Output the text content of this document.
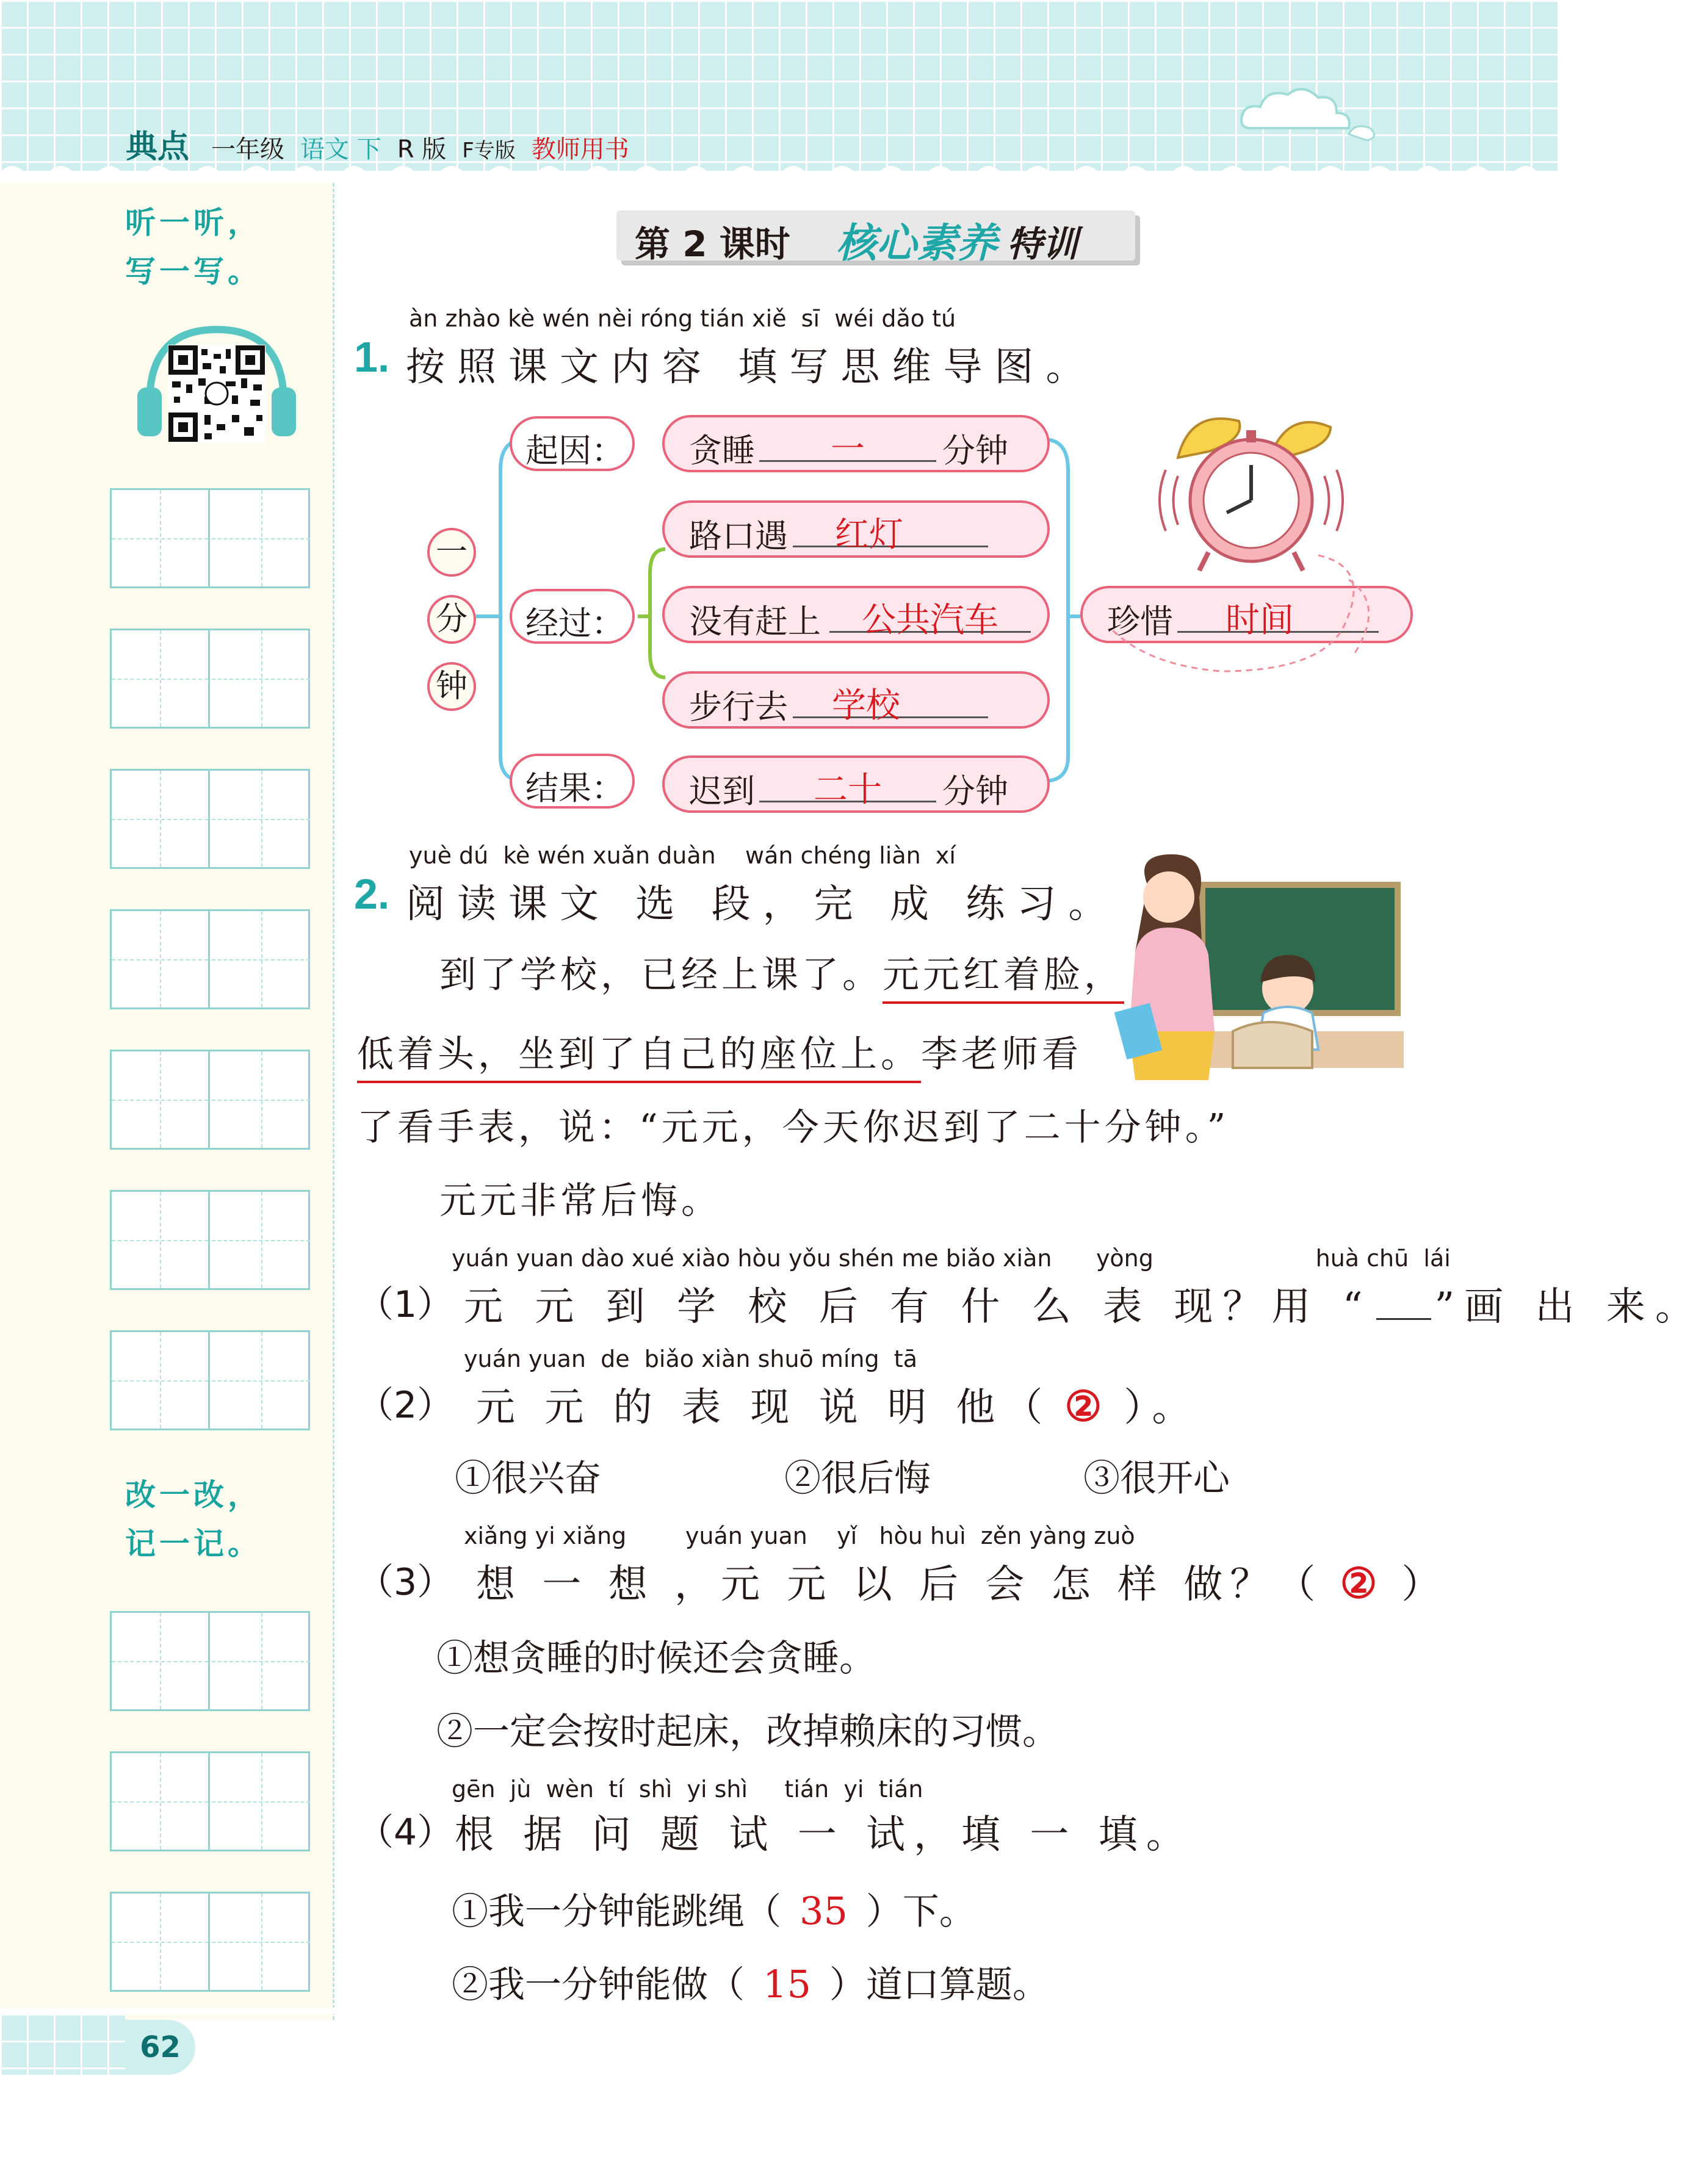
典点 一年级 语文 下 R 版 F专版 教师用书
听一听，
写一写。
改一改，
记一记。
62
第 2 课时 核心素养 特训
àn zhào kè wén nèi róng tián xiě  sī  wéi dǎo tú
1. 按照课文内容 填写思维导图。
一
分
钟
起因：
经过：
结果：
贪睡	一	分钟
路口遇	红灯
没有赶上	公共汽车
步行去	学校
迟到	二十	分钟
珍惜	时间
yuè dú  kè wén xuǎn duàn    wán chéng liàn  xí
2. 阅读课文 选 段，完 成 练习。
到了学校，已经上课了。元元红着脸，
低着头，坐到了自己的座位上。李老师看
了看手表，说：“元元，今天你迟到了二十分钟。”
元元非常后悔。
yuán yuan dào xué xiào hòu yǒu shén me biǎo xiàn      yòng                      huà chū  lái
（1） 元 元 到 学 校 后 有 什 么 表 现？用 “ ”画 出 来。
yuán yuan  de  biǎo xiàn shuō míng  tā
（2） 元 元 的 表 现 说 明 他（ ② ）。
①很兴奋	②很后悔	③很开心
xiǎng yi xiǎng        yuán yuan    yǐ   hòu huì  zěn yàng zuò
（3） 想 一 想 ，元 元 以 后 会 怎 样 做？（ ② ）
①想贪睡的时候还会贪睡。
②一定会按时起床，改掉赖床的习惯。
gēn  jù  wèn  tí  shì  yi shì     tián  yi  tián
（4） 根 据 问 题 试 一 试，填 一 填。
①我一分钟能跳绳（ 35 ）下。
②我一分钟能做（ 15 ）道口算题。
